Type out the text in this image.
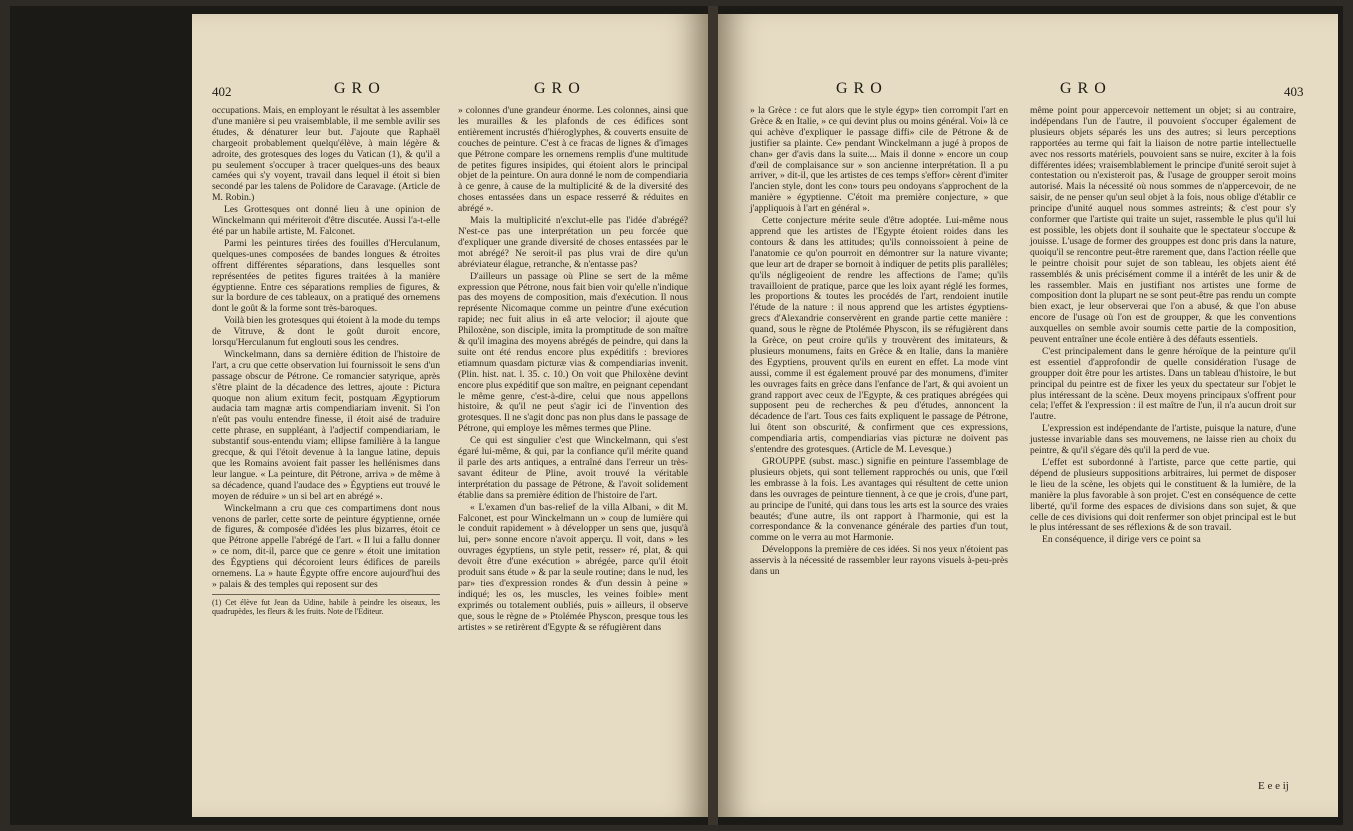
402	GRO	GRO

occupations. Mais, en employant le résultat à les assembler d'une manière si peu vraisemblable, il me semble avilir ses études, & dénaturer leur but. J'ajoute que Raphaël chargeoit probablement quelqu'élève, à main légère & adroite, des grotesques des loges du Vatican (1), & qu'il a pu seulement s'occuper à tracer quelques-uns des beaux camées qui s'y voyent, travail dans lequel il étoit si bien secondé par les talens de Polidore de Caravage. (Article de M. Robin.)

Les Grottesques ont donné lieu à une opinion de Winckelmann qui mériteroit d'être discutée. Aussi l'a-t-elle été par un habile artiste, M. Falconet.

Parmi les peintures tirées des fouilles d'Herculanum, quelques-unes composées de bandes longues & étroites offrent différentes séparations, dans lesquelles sont représentées de petites figures traitées à la manière égyptienne. Entre ces séparations remplies de figures, & sur la bordure de ces tableaux, on a pratiqué des ornemens dont le goût & la forme sont très-baroques.

Voilà bien les grotesques qui étoient à la mode du temps de Vitruve, & dont le goût duroit encore, lorsqu'Herculanum fut englouti sous les cendres.

Winckelmann, dans sa dernière édition de l'histoire de l'art, a cru que cette observation lui fournissoit le sens d'un passage obscur de Pétrone. Ce romancier satyrique, après s'être plaint de la décadence des lettres, ajoute : Pictura quoque non alium exitum fecit, postquam Ægyptiorum audacia tam magnæ artis compendiariam invenit. Si l'on n'eût pas voulu entendre finesse, il étoit aisé de traduire cette phrase, en suppléant, à l'adjectif compendiariam, le substantif sous-entendu viam; ellipse familière à la langue grecque, & qui l'étoit devenue à la langue latine, depuis que les Romains avoient fait passer les hellénismes dans leur langue. « La peinture, dit Pétrone, arriva » de même à sa décadence, quand l'audace des » Égyptiens eut trouvé le moyen de réduire » un si bel art en abrégé ».

Winckelmann a cru que ces compartimens dont nous venons de parler, cette sorte de peinture égyptienne, ornée de figures, & composée d'idées les plus bizarres, étoit ce que Pétrone appelle l'abrégé de l'art. « Il lui a fallu donner » ce nom, dit-il, parce que ce genre » étoit une imitation des Égyptiens qui décoroient leurs édifices de pareils ornemens. La » haute Égypte offre encore aujourd'hui des » palais & des temples qui reposent sur des

(1) Cet élève fut Jean da Udine, habile à peindre les oiseaux, les quadrupèdes, les fleurs & les fruits. Note de l'Editeur.

» colonnes d'une grandeur énorme. Les colonnes, ainsi que les murailles & les plafonds de ces édifices sont entièrement incrustés d'hiéroglyphes, & couverts ensuite de couches de peinture. C'est à ce fracas de lignes & d'images que Pétrone compare les ornemens remplis d'une multitude de petites figures insipides, qui étoient alors le principal objet de la peinture. On aura donné le nom de compendiaria à ce genre, à cause de la multiplicité & de la diversité des choses entassées dans un espace resserré & réduites en abrégé ».

Mais la multiplicité n'exclut-elle pas l'idée d'abrégé? N'est-ce pas une interprétation un peu forcée que d'expliquer une grande diversité de choses entassées par le mot abrégé? Ne seroit-il pas plus vrai de dire qu'un abréviateur élague, retranche, & n'entasse pas?

D'ailleurs un passage où Pline se sert de la même expression que Pétrone, nous fait bien voir qu'elle n'indique pas des moyens de composition, mais d'exécution. Il nous représente Nicomaque comme un peintre d'une exécution rapide; nec fuit alius in eâ arte velocior; il ajoute que Philoxène, son disciple, imita la promptitude de son maître & qu'il imagina des moyens abrégés de peindre, qui dans la suite ont été rendus encore plus expéditifs : breviores etiamnum quasdam picturæ vias & compendiarias invenit. (Plin. hist. nat. l. 35. c. 10.) On voit que Philoxène devint encore plus expéditif que son maître, en peignant cependant le même genre, c'est-à-dire, celui que nous appellons histoire, & qu'il ne peut s'agir ici de l'invention des grotesques. Il ne s'agit donc pas non plus dans le passage de Pétrone, qui employe les mêmes termes que Pline.

Ce qui est singulier c'est que Winckelmann, qui s'est égaré lui-même, & qui, par la confiance qu'il mérite quand il parle des arts antiques, a entraîné dans l'erreur un très-savant éditeur de Pline, avoit trouvé la véritable interprétation du passage de Pétrone, & l'avoit solidement établie dans sa première édition de l'histoire de l'art.

« L'examen d'un bas-relief de la villa Albani, » dit M. Falconet, est pour Winckelmann un » coup de lumière qui le conduit rapidement » à développer un sens que, jusqu'à lui, per» sonne encore n'avoit apperçu. Il voit, dans » les ouvrages égyptiens, un style petit, resser» ré, plat, & qui devoit être d'une exécution » abrégée, parce qu'il étoit produit sans étude » & par la seule routine; dans le nud, les par» ties d'expression rondes & d'un dessin à peine » indiqué; les os, les muscles, les veines foible» ment exprimés ou totalement oubliés, puis » ailleurs, il observe que, sous le règne de » Ptolémée Physcon, presque tous les artistes » se retirèrent d'Egypte & se réfugièrent dans

GRO	GRO	403

» la Grèce : ce fut alors que le style égyp» tien corrompit l'art en Grèce & en Italie, » ce qui devint plus ou moins général. Voi» là ce qui achève d'expliquer le passage diffi» cile de Pétrone & de justifier sa plainte. Ce» pendant Winckelmann a jugé à propos de chan» ger d'avis dans la suite.... Mais il donne » encore un coup d'œil de complaisance sur » son ancienne interprétation. Il a pu arriver, » dit-il, que les artistes de ces temps s'effor» cèrent d'imiter l'ancien style, dont les con» tours peu ondoyans s'approchent de la manière » égyptienne. C'étoit ma première conjecture, » que j'appliquois à l'art en général ».

Cette conjecture mérite seule d'être adoptée. Lui-même nous apprend que les artistes de l'Egypte étoient roides dans les contours & dans les attitudes; qu'ils connoissoient à peine de l'anatomie ce qu'on pourroit en démontrer sur la nature vivante; que leur art de draper se bornoit à indiquer de petits plis parallèles; qu'ils négligeoient de rendre les affections de l'ame; qu'ils travailloient de pratique, parce que les loix ayant réglé les formes, les proportions & toutes les procédés de l'art, rendoient inutile l'étude de la nature : il nous apprend que les artistes égyptiens-grecs d'Alexandrie conservèrent en grande partie cette manière : quand, sous le règne de Ptolémée Physcon, ils se réfugièrent dans la Grèce, on peut croire qu'ils y trouvèrent des imitateurs, & plusieurs monumens, faits en Grèce & en Italie, dans la manière des Egyptiens, prouvent qu'ils en eurent en effet. La mode vint aussi, comme il est également prouvé par des monumens, d'imiter les ouvrages faits en grèce dans l'enfance de l'art, & qui avoient un grand rapport avec ceux de l'Egypte, & ces pratiques abrégées qui supposent peu de recherches & peu d'études, annoncent la décadence de l'art. Tous ces faits expliquent le passage de Pétrone, lui ôtent son obscurité, & confirment que ces expressions, compendiaria artis, compendiarias vias picturæ ne doivent pas s'entendre des grotesques. (Article de M. Levesque.)

GROUPPE (subst. masc.) signifie en peinture l'assemblage de plusieurs objets, qui sont tellement rapprochés ou unis, que l'œil les embrasse à la fois. Les avantages qui résultent de cette union dans les ouvrages de peinture tiennent, à ce que je crois, d'une part, au principe de l'unité, qui dans tous les arts est la source des vraies beautés; d'une autre, ils ont rapport à l'harmonie, qui est la correspondance & la convenance générale des parties d'un tout, comme on le verra au mot Harmonie.

Développons la première de ces idées. Si nos yeux n'étoient pas asservis à la nécessité de rassembler leur rayons visuels à-peu-près dans un

même point pour appercevoir nettement un objet; si au contraire, indépendans l'un de l'autre, il pouvoient s'occuper également de plusieurs objets séparés les uns des autres; si leurs perceptions rapportées au terme qui fait la liaison de notre partie intellectuelle avec nos ressorts matériels, pouvoient sans se nuire, exciter à la fois différentes idées; vraisemblablement le principe d'unité seroit sujet à contestation ou n'existeroit pas, & l'usage de groupper seroit moins autorisé. Mais la nécessité où nous sommes de n'appercevoir, de ne saisir, de ne penser qu'un seul objet à la fois, nous oblige d'établir ce principe d'unité auquel nous sommes astreints; & c'est pour s'y conformer que l'artiste qui traite un sujet, rassemble le plus qu'il lui est possible, les objets dont il souhaite que le spectateur s'occupe & jouisse. L'usage de former des grouppes est donc pris dans la nature, quoiqu'il se rencontre peut-être rarement que, dans l'action réelle que le peintre choisit pour sujet de son tableau, les objets aient été rassemblés & unis précisément comme il a intérêt de les unir & de les rassembler. Mais en justifiant nos artistes une forme de composition dont la plupart ne se sont peut-être pas rendu un compte bien exact, je leur observerai que l'on a abusé, & que l'on abuse encore de l'usage où l'on est de groupper, & que les conventions auxquelles on semble avoir soumis cette partie de la composition, peuvent entraîner une école entière à des défauts essentiels.

C'est principalement dans le genre héroïque de la peinture qu'il est essentiel d'approfondir de quelle considération l'usage de groupper doit être pour les artistes. Dans un tableau d'histoire, le but principal du peintre est de fixer les yeux du spectateur sur l'objet le plus intéressant de la scène. Deux moyens principaux s'offrent pour cela; l'effet & l'expression : il est maître de l'un, il n'a aucun droit sur l'autre.

L'expression est indépendante de l'artiste, puisque la nature, d'une justesse invariable dans ses mouvemens, ne laisse rien au choix du peintre, & qu'il s'égare dès qu'il la perd de vue.

L'effet est subordonné à l'artiste, parce que cette partie, qui dépend de plusieurs suppositions arbitraires, lui permet de disposer le lieu de la scène, les objets qui le constituent & la lumière, de la manière la plus favorable à son projet. C'est en conséquence de cette liberté, qu'il forme des espaces de divisions dans son sujet, & que celle de ces divisions qui doit renfermer son objet principal est le but le plus intéressant de ses réflexions & de son travail.

En conséquence, il dirige vers ce point sa

E e e ij
